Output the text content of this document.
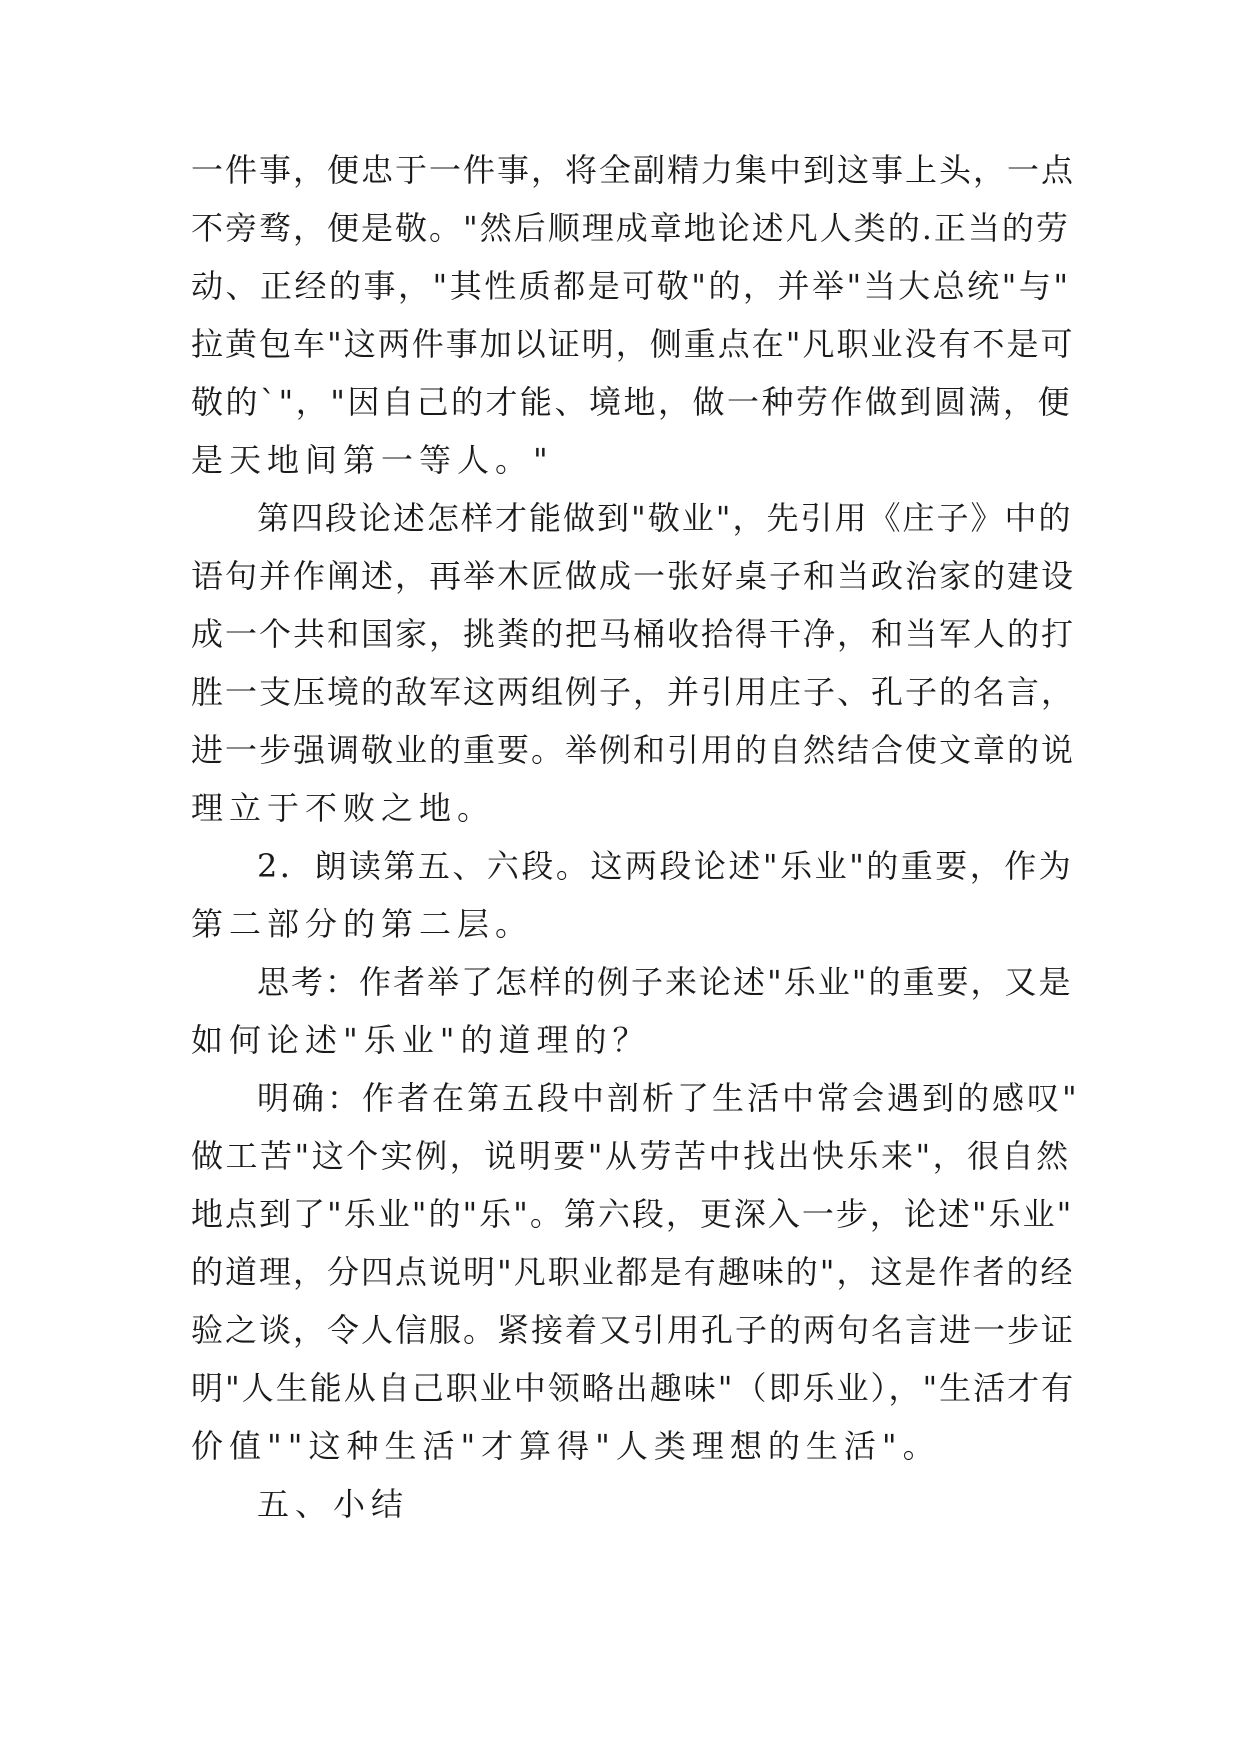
一件事，便忠于一件事，将全副精力集中到这事上头，一点

不旁骛，便是敬。"然后顺理成章地论述凡人类的.正当的劳

动、正经的事，"其性质都是可敬"的，并举"当大总统"与"

拉黄包车"这两件事加以证明，侧重点在"凡职业没有不是可

敬的`"，"因自己的才能、境地，做一种劳作做到圆满，便

是天地间第一等人。"

第四段论述怎样才能做到"敬业"，先引用《庄子》中的

语句并作阐述，再举木匠做成一张好桌子和当政治家的建设

成一个共和国家，挑粪的把马桶收拾得干净，和当军人的打

胜一支压境的敌军这两组例子，并引用庄子、孔子的名言，

进一步强调敬业的重要。举例和引用的自然结合使文章的说

理立于不败之地。

2．朗读第五、六段。这两段论述"乐业"的重要，作为

第二部分的第二层。

思考：作者举了怎样的例子来论述"乐业"的重要，又是

如何论述"乐业"的道理的？

明确：作者在第五段中剖析了生活中常会遇到的感叹"

做工苦"这个实例，说明要"从劳苦中找出快乐来"，很自然

地点到了"乐业"的"乐"。第六段，更深入一步，论述"乐业"

的道理，分四点说明"凡职业都是有趣味的"，这是作者的经

验之谈，令人信服。紧接着又引用孔子的两句名言进一步证

明"人生能从自己职业中领略出趣味"（即乐业），"生活才有

价值""这种生活"才算得"人类理想的生活"。

五、小结
